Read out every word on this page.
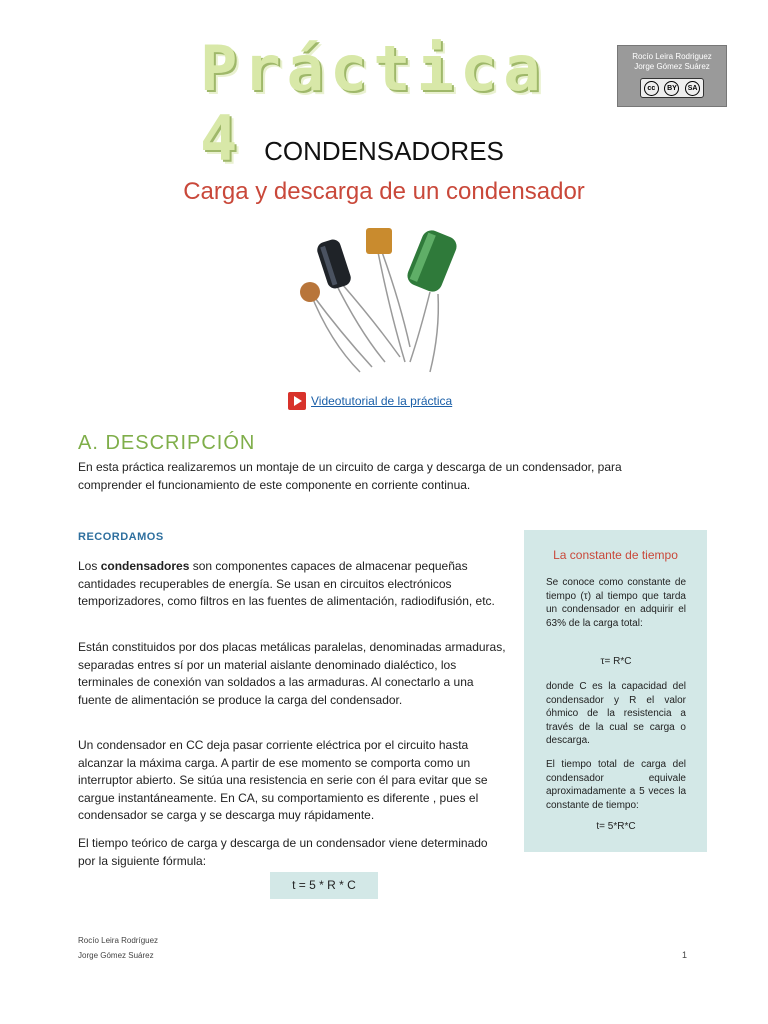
Práctica 4
Rocío Leira Rodriguez
Jorge Gómez Suárez
cc	BY	SA
CONDENSADORES
Carga y descarga de un condensador
Videotutorial de la práctica
A. DESCRIPCIÓN
En esta práctica realizaremos un montaje de un circuito de carga y descarga de un condensador, para comprender el funcionamiento de este componente en corriente continua.
RECORDAMOS
Los condensadores son componentes capaces de almacenar pequeñas cantidades recuperables de energía. Se usan en circuitos electrónicos temporizadores, como filtros en las fuentes de alimentación, radiodifusión, etc.
Están constituidos por dos placas metálicas paralelas, denominadas armaduras, separadas entres sí por un material aislante denominado dialéctico, los terminales de conexión van soldados a las armaduras. Al conectarlo a una fuente de alimentación se produce la carga del condensador.
Un condensador en CC deja pasar corriente eléctrica por el circuito hasta alcanzar la máxima carga. A partir de ese momento se comporta como un interruptor abierto. Se sitúa una resistencia en serie con él para evitar que se cargue instantáneamente. En CA, su comportamiento es diferente , pues el condensador se carga y se descarga muy rápidamente.
El tiempo teórico de carga y descarga de un condensador viene determinado por la siguiente fórmula:
t = 5 * R * C
La constante de tiempo
Se conoce como constante de tiempo (τ) al tiempo que tarda un condensador en adquirir el 63% de la carga total:
τ= R*C
donde C es la capacidad del condensador y R el valor óhmico de la resistencia a través de la cual se carga o descarga.
El tiempo total de carga del condensador equivale aproximadamente a 5 veces la constante de tiempo:
t= 5*R*C
Rocío Leira Rodríguez
Jorge Gómez Suárez	1
